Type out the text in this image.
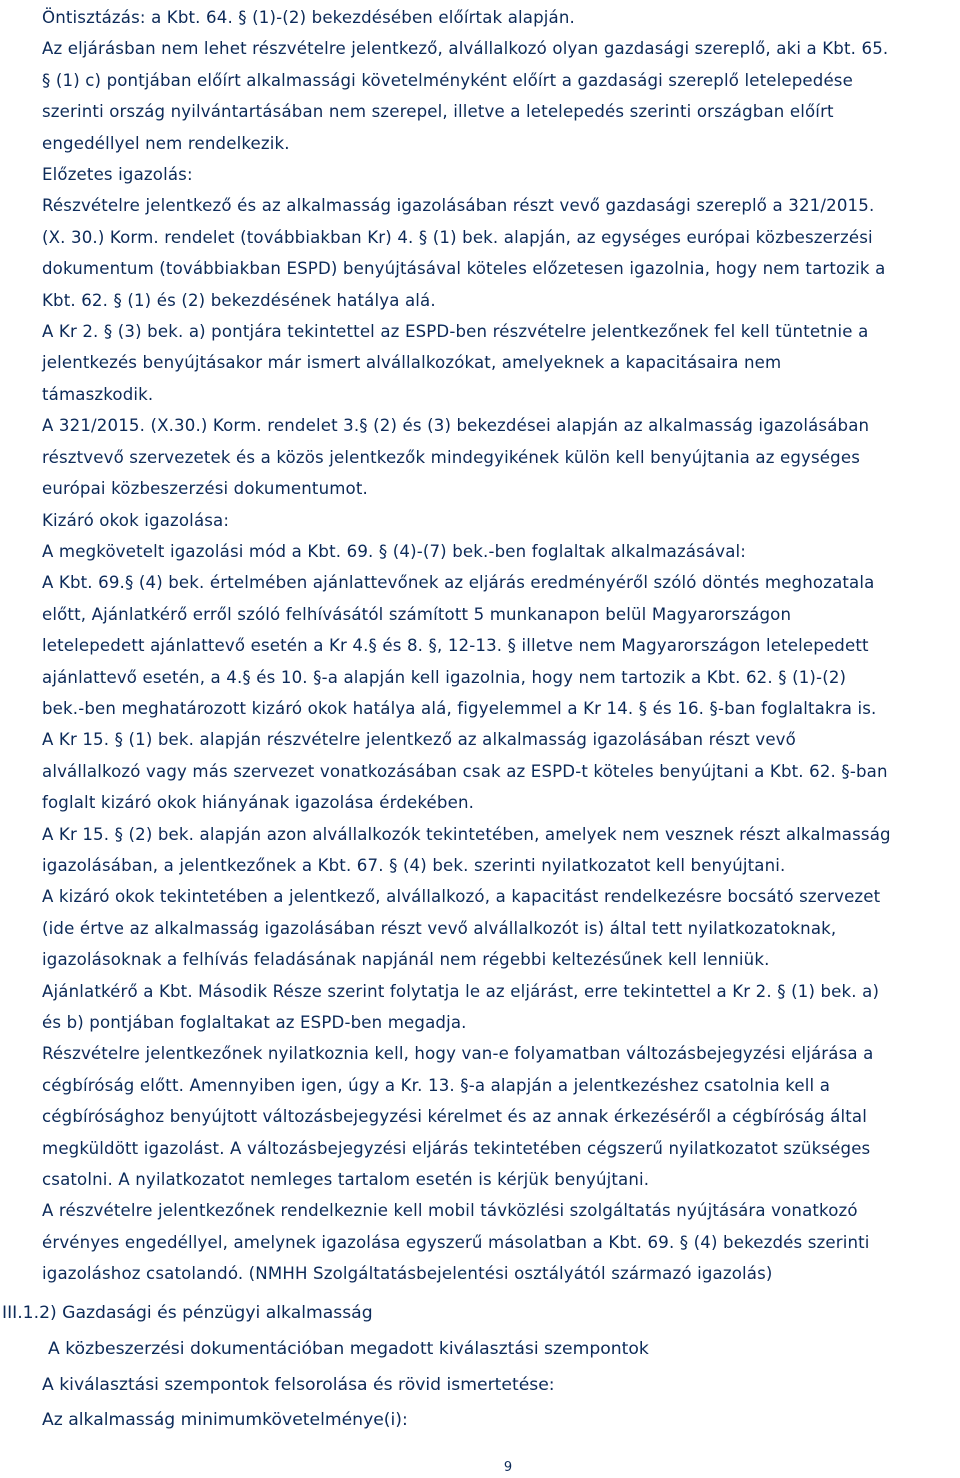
Öntisztázás: a Kbt. 64. § (1)-(2) bekezdésében előírtak alapján.
Az eljárásban nem lehet részvételre jelentkező, alvállalkozó olyan gazdasági szereplő, aki a Kbt. 65.
§ (1) c) pontjában előírt alkalmassági követelményként előírt a gazdasági szereplő letelepedése
szerinti ország nyilvántartásában nem szerepel, illetve a letelepedés szerinti országban előírt
engedéllyel nem rendelkezik.
Előzetes igazolás:
Részvételre jelentkező és az alkalmasság igazolásában részt vevő gazdasági szereplő a 321/2015.
(X. 30.) Korm. rendelet (továbbiakban Kr) 4. § (1) bek. alapján, az egységes európai közbeszerzési
dokumentum (továbbiakban ESPD) benyújtásával köteles előzetesen igazolnia, hogy nem tartozik a
Kbt. 62. § (1) és (2) bekezdésének hatálya alá.
A Kr 2. § (3) bek. a) pontjára tekintettel az ESPD-ben részvételre jelentkezőnek fel kell tüntetnie a
jelentkezés benyújtásakor már ismert alvállalkozókat, amelyeknek a kapacitásaira nem
támaszkodik.
A 321/2015. (X.30.) Korm. rendelet 3.§ (2) és (3) bekezdései alapján az alkalmasság igazolásában
résztvevő szervezetek és a közös jelentkezők mindegyikének külön kell benyújtania az egységes
európai közbeszerzési dokumentumot.
Kizáró okok igazolása:
A megkövetelt igazolási mód a Kbt. 69. § (4)-(7) bek.-ben foglaltak alkalmazásával:
A Kbt. 69.§ (4) bek. értelmében ajánlattevőnek az eljárás eredményéről szóló döntés meghozatala
előtt, Ajánlatkérő erről szóló felhívásától számított 5 munkanapon belül Magyarországon
letelepedett ajánlattevő esetén a Kr 4.§ és 8. §, 12-13. § illetve nem Magyarországon letelepedett
ajánlattevő esetén, a 4.§ és 10. §-a alapján kell igazolnia, hogy nem tartozik a Kbt. 62. § (1)-(2)
bek.-ben meghatározott kizáró okok hatálya alá, figyelemmel a Kr 14. § és 16. §-ban foglaltakra is.
A Kr 15. § (1) bek. alapján részvételre jelentkező az alkalmasság igazolásában részt vevő
alvállalkozó vagy más szervezet vonatkozásában csak az ESPD-t köteles benyújtani a Kbt. 62. §-ban
foglalt kizáró okok hiányának igazolása érdekében.
A Kr 15. § (2) bek. alapján azon alvállalkozók tekintetében, amelyek nem vesznek részt alkalmasság
igazolásában, a jelentkezőnek a Kbt. 67. § (4) bek. szerinti nyilatkozatot kell benyújtani.
A kizáró okok tekintetében a jelentkező, alvállalkozó, a kapacitást rendelkezésre bocsátó szervezet
(ide értve az alkalmasság igazolásában részt vevő alvállalkozót is) által tett nyilatkozatoknak,
igazolásoknak a felhívás feladásának napjánál nem régebbi keltezésűnek kell lenniük.
Ajánlatkérő a Kbt. Második Része szerint folytatja le az eljárást, erre tekintettel a Kr 2. § (1) bek. a)
és b) pontjában foglaltakat az ESPD-ben megadja.
Részvételre jelentkezőnek nyilatkoznia kell, hogy van-e folyamatban változásbejegyzési eljárása a
cégbíróság előtt. Amennyiben igen, úgy a Kr. 13. §-a alapján a jelentkezéshez csatolnia kell a
cégbírósághoz benyújtott változásbejegyzési kérelmet és az annak érkezéséről a cégbíróság által
megküldött igazolást. A változásbejegyzési eljárás tekintetében cégszerű nyilatkozatot szükséges
csatolni. A nyilatkozatot nemleges tartalom esetén is kérjük benyújtani.
A részvételre jelentkezőnek rendelkeznie kell mobil távközlési szolgáltatás nyújtására vonatkozó
érvényes engedéllyel, amelynek igazolása egyszerű másolatban a Kbt. 69. § (4) bekezdés szerinti
igazoláshoz csatolandó. (NMHH Szolgáltatásbejelentési osztályától származó igazolás)

III.1.2) Gazdasági és pénzügyi alkalmasság

A közbeszerzési dokumentációban megadott kiválasztási szempontok

A kiválasztási szempontok felsorolása és rövid ismertetése:

Az alkalmasság minimumkövetelménye(i):

9
